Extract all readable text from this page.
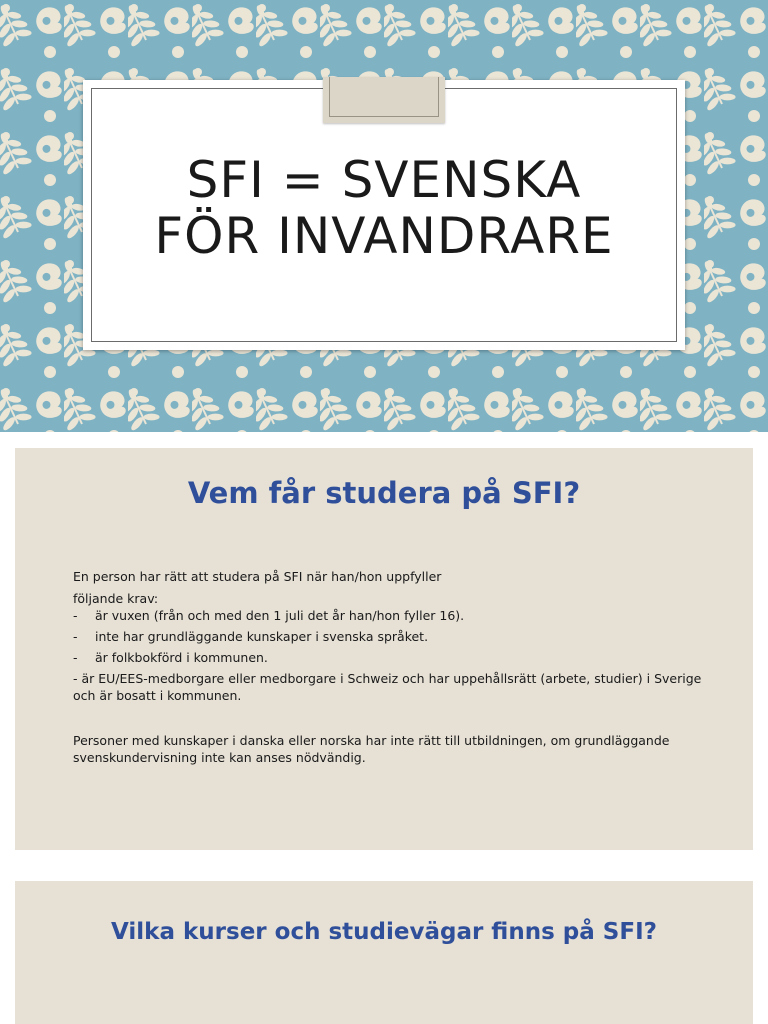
SFI = SVENSKA
FÖR INVANDRARE
Vem får studera på SFI?

En person har rätt att studera på SFI när han/hon uppfyller

följande krav:

-	är vuxen (från och med den 1 juli det år han/hon fyller 16).
-	inte har grundläggande kunskaper i svenska språket.
-	är folkbokförd i kommunen.
- är EU/EES-medborgare eller medborgare i Schweiz och har uppehållsrätt (arbete, studier) i Sverige och är bosatt i kommunen.

Personer med kunskaper i danska eller norska har inte rätt till utbildningen, om grundläggande svenskundervisning inte kan anses nödvändig.

Vilka kurser och studievägar finns på SFI?
